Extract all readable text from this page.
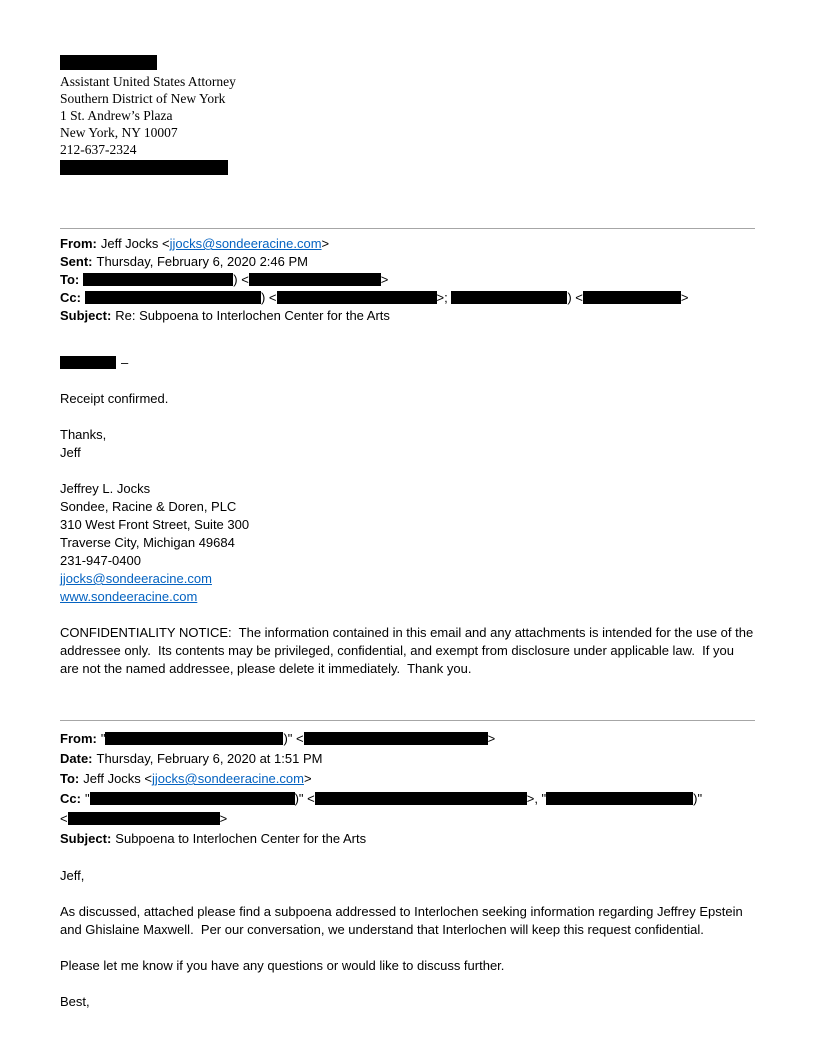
Assistant United States Attorney
Southern District of New York
1 St. Andrew’s Plaza
New York, NY 10007
212-637-2324
From: Jeff Jocks <jjocks@sondeeracine.com>
Sent: Thursday, February 6, 2020 2:46 PM
To:	) <	>
Cc:	) <	>;	) <	>
Subject: Re: Subpoena to Interlochen Center for the Arts
–
Receipt confirmed.
Thanks,
Jeff
Jeffrey L. Jocks
Sondee, Racine & Doren, PLC
310 West Front Street, Suite 300
Traverse City, Michigan 49684
231-947-0400
jjocks@sondeeracine.com
www.sondeeracine.com
CONFIDENTIALITY NOTICE:  The information contained in this email and any attachments is intended for the use of the addressee only.  Its contents may be privileged, confidential, and exempt from disclosure under applicable law.  If you are not the named addressee, please delete it immediately.  Thank you.
From: "	)" <	>
Date: Thursday, February 6, 2020 at 1:51 PM
To: Jeff Jocks <jjocks@sondeeracine.com>
Cc: "	)" <	>, "	)"
<	>
Subject: Subpoena to Interlochen Center for the Arts
Jeff,
As discussed, attached please find a subpoena addressed to Interlochen seeking information regarding Jeffrey Epstein and Ghislaine Maxwell.  Per our conversation, we understand that Interlochen will keep this request confidential.
Please let me know if you have any questions or would like to discuss further.
Best,
